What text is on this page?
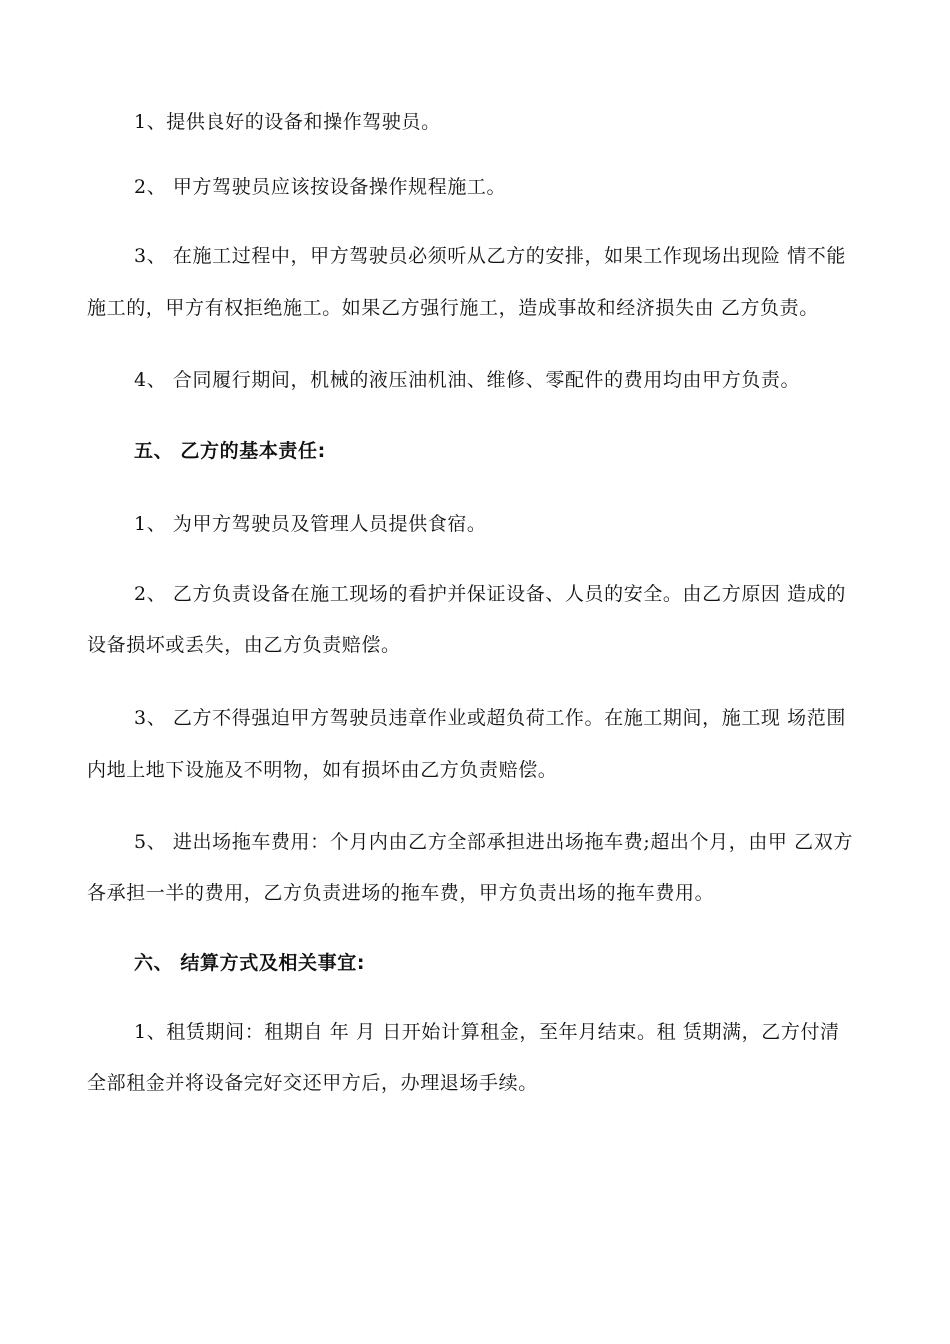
1、提供良好的设备和操作驾驶员。
2、 甲方驾驶员应该按设备操作规程施工。
3、 在施工过程中，甲方驾驶员必须听从乙方的安排，如果工作现场出现险 情不能
施工的，甲方有权拒绝施工。如果乙方强行施工，造成事故和经济损失由 乙方负责。
4、 合同履行期间，机械的液压油机油、维修、零配件的费用均由甲方负责。
五、 乙方的基本责任:
1、 为甲方驾驶员及管理人员提供食宿。
2、 乙方负责设备在施工现场的看护并保证设备、人员的安全。由乙方原因 造成的
设备损坏或丢失，由乙方负责赔偿。
3、 乙方不得强迫甲方驾驶员违章作业或超负荷工作。在施工期间，施工现 场范围
内地上地下设施及不明物，如有损坏由乙方负责赔偿。
5、 进出场拖车费用：个月内由乙方全部承担进出场拖车费;超出个月，由甲 乙双方
各承担一半的费用，乙方负责进场的拖车费，甲方负责出场的拖车费用。
六、 结算方式及相关事宜:
1、租赁期间：租期自 年 月 日开始计算租金，至年月结束。租 赁期满，乙方付清
全部租金并将设备完好交还甲方后，办理退场手续。
